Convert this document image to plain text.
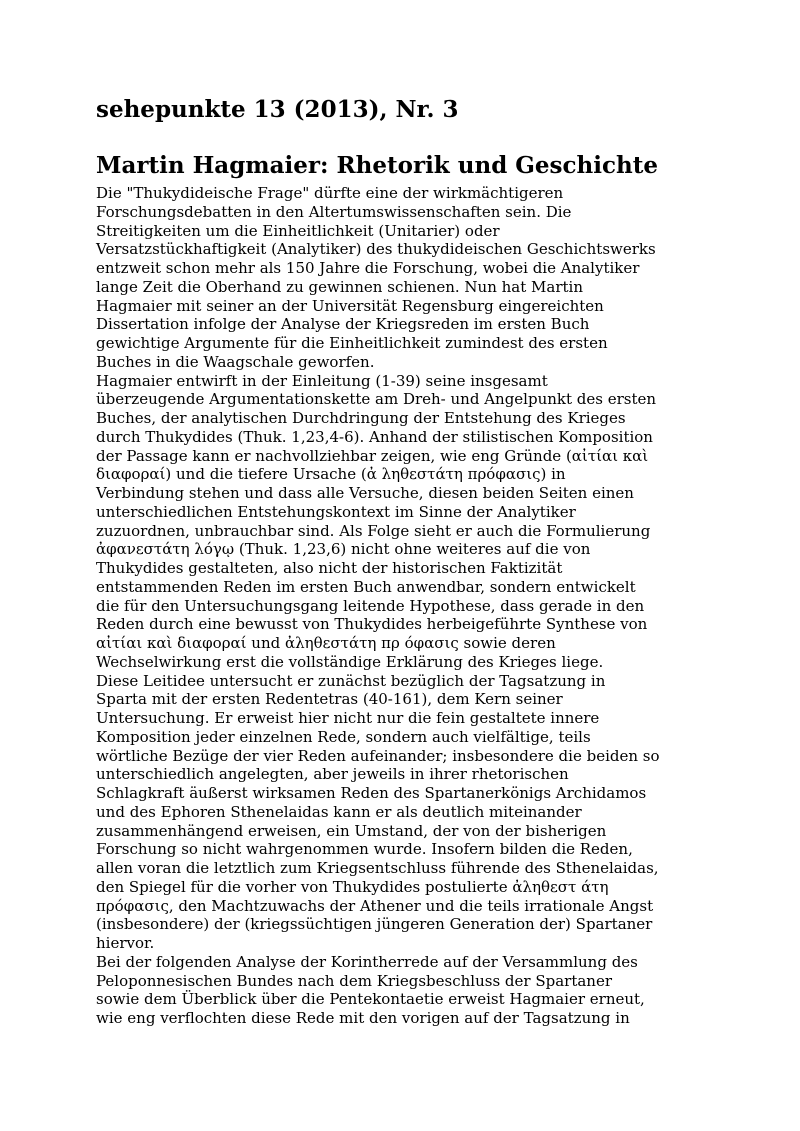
sehepunkte 13 (2013), Nr. 3
Martin Hagmaier: Rhetorik und Geschichte

Die "Thukydideische Frage" dürfte eine der wirkmächtigeren
Forschungsdebatten in den Altertumswissenschaften sein. Die
Streitigkeiten um die Einheitlichkeit (Unitarier) oder
Versatzstückhaftigkeit (Analytiker) des thukydideischen Geschichtswerks
entzweit schon mehr als 150 Jahre die Forschung, wobei die Analytiker
lange Zeit die Oberhand zu gewinnen schienen. Nun hat Martin
Hagmaier mit seiner an der Universität Regensburg eingereichten
Dissertation infolge der Analyse der Kriegsreden im ersten Buch
gewichtige Argumente für die Einheitlichkeit zumindest des ersten
Buches in die Waagschale geworfen.

Hagmaier entwirft in der Einleitung (1-39) seine insgesamt
überzeugende Argumentationskette am Dreh- und Angelpunkt des ersten
Buches, der analytischen Durchdringung der Entstehung des Krieges
durch Thukydides (Thuk. 1,23,4-6). Anhand der stilistischen Komposition
der Passage kann er nachvollziehbar zeigen, wie eng Gründe (αἰτίαι καὶ
διαφοραί) und die tiefere Ursache (ἀ ληθεστάτη πρόφασις) in
Verbindung stehen und dass alle Versuche, diesen beiden Seiten einen
unterschiedlichen Entstehungskontext im Sinne der Analytiker
zuzuordnen, unbrauchbar sind. Als Folge sieht er auch die Formulierung
ἀφανεστάτη λόγῳ (Thuk. 1,23,6) nicht ohne weiteres auf die von
Thukydides gestalteten, also nicht der historischen Faktizität
entstammenden Reden im ersten Buch anwendbar, sondern entwickelt
die für den Untersuchungsgang leitende Hypothese, dass gerade in den
Reden durch eine bewusst von Thukydides herbeigeführte Synthese von
αἰτίαι καὶ διαφοραί und ἀληθεστάτη πρ όφασις sowie deren
Wechselwirkung erst die vollständige Erklärung des Krieges liege.

Diese Leitidee untersucht er zunächst bezüglich der Tagsatzung in
Sparta mit der ersten Redentetras (40-161), dem Kern seiner
Untersuchung. Er erweist hier nicht nur die fein gestaltete innere
Komposition jeder einzelnen Rede, sondern auch vielfältige, teils
wörtliche Bezüge der vier Reden aufeinander; insbesondere die beiden so
unterschiedlich angelegten, aber jeweils in ihrer rhetorischen
Schlagkraft äußerst wirksamen Reden des Spartanerkönigs Archidamos
und des Ephoren Sthenelaidas kann er als deutlich miteinander
zusammenhängend erweisen, ein Umstand, der von der bisherigen
Forschung so nicht wahrgenommen wurde. Insofern bilden die Reden,
allen voran die letztlich zum Kriegsentschluss führende des Sthenelaidas,
den Spiegel für die vorher von Thukydides postulierte ἀληθεστ άτη
πρόφασις, den Machtzuwachs der Athener und die teils irrationale Angst
(insbesondere) der (kriegssüchtigen jüngeren Generation der) Spartaner
hiervor.

Bei der folgenden Analyse der Korintherrede auf der Versammlung des
Peloponnesischen Bundes nach dem Kriegsbeschluss der Spartaner
sowie dem Überblick über die Pentekontaetie erweist Hagmaier erneut,
wie eng verflochten diese Rede mit den vorigen auf der Tagsatzung in
